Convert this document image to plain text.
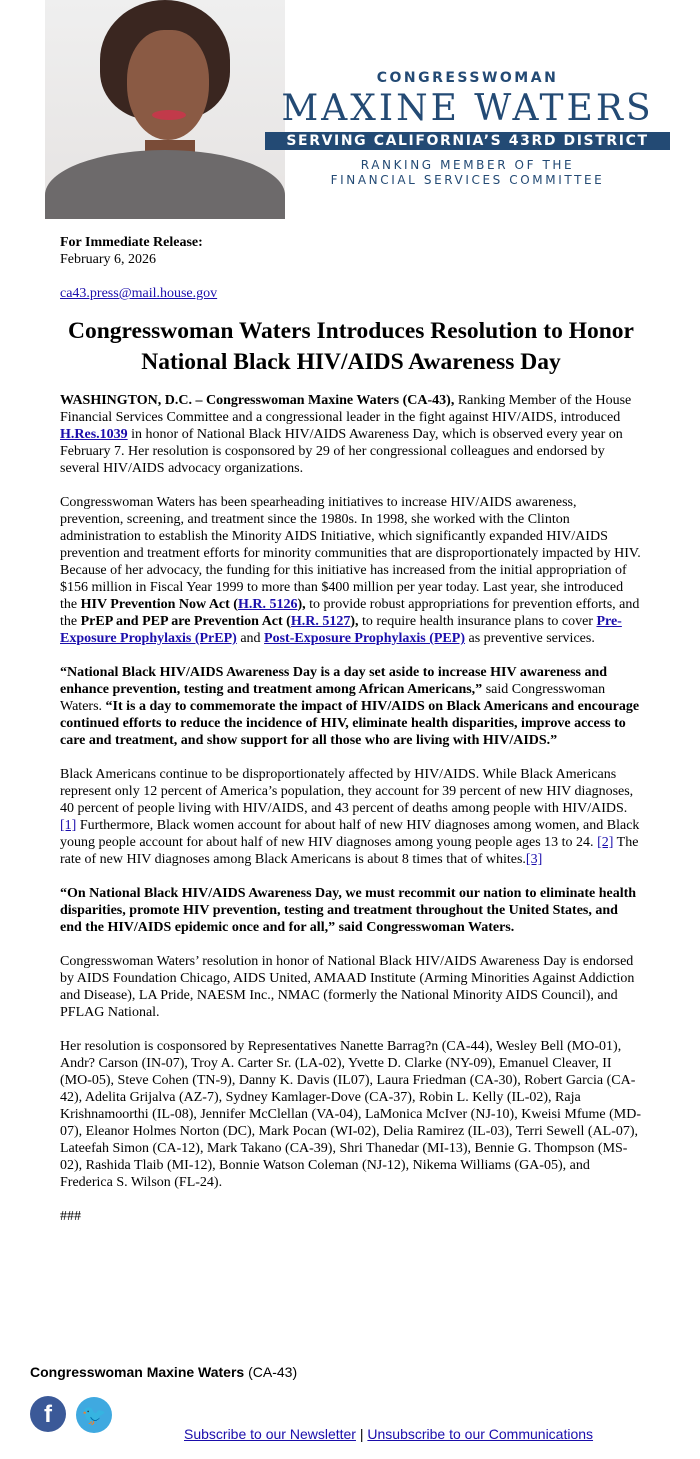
CONGRESSWOMAN
MAXINE WATERS
SERVING CALIFORNIA’S 43RD DISTRICT
RANKING MEMBER OF THE
FINANCIAL SERVICES COMMITTEE
For Immediate Release:
February 6, 2026
ca43.press@mail.house.gov
Congresswoman Waters Introduces Resolution to Honor National Black HIV/AIDS Awareness Day

WASHINGTON, D.C. – Congresswoman Maxine Waters (CA-43), Ranking Member of the House Financial Services Committee and a congressional leader in the fight against HIV/AIDS, introduced H.Res.1039 in honor of National Black HIV/AIDS Awareness Day, which is observed every year on February 7. Her resolution is cosponsored by 29 of her congressional colleagues and endorsed by several HIV/AIDS advocacy organizations.

Congresswoman Waters has been spearheading initiatives to increase HIV/AIDS awareness, prevention, screening, and treatment since the 1980s. In 1998, she worked with the Clinton administration to establish the Minority AIDS Initiative, which significantly expanded HIV/AIDS prevention and treatment efforts for minority communities that are disproportionately impacted by HIV. Because of her advocacy, the funding for this initiative has increased from the initial appropriation of $156 million in Fiscal Year 1999 to more than $400 million per year today. Last year, she introduced the HIV Prevention Now Act (H.R. 5126), to provide robust appropriations for prevention efforts, and the PrEP and PEP are Prevention Act (H.R. 5127), to require health insurance plans to cover Pre-Exposure Prophylaxis (PrEP) and Post-Exposure Prophylaxis (PEP) as preventive services.

“National Black HIV/AIDS Awareness Day is a day set aside to increase HIV awareness and enhance prevention, testing and treatment among African Americans,” said Congresswoman Waters. “It is a day to commemorate the impact of HIV/AIDS on Black Americans and encourage continued efforts to reduce the incidence of HIV, eliminate health disparities, improve access to care and treatment, and show support for all those who are living with HIV/AIDS.”

Black Americans continue to be disproportionately affected by HIV/AIDS. While Black Americans represent only 12 percent of America’s population, they account for 39 percent of new HIV diagnoses, 40 percent of people living with HIV/AIDS, and 43 percent of deaths among people with HIV/AIDS.[1] Furthermore, Black women account for about half of new HIV diagnoses among women, and Black young people account for about half of new HIV diagnoses among young people ages 13 to 24. [2] The rate of new HIV diagnoses among Black Americans is about 8 times that of whites.[3]

“On National Black HIV/AIDS Awareness Day, we must recommit our nation to eliminate health disparities, promote HIV prevention, testing and treatment throughout the United States, and end the HIV/AIDS epidemic once and for all,” said Congresswoman Waters.

Congresswoman Waters’ resolution in honor of National Black HIV/AIDS Awareness Day is endorsed by AIDS Foundation Chicago, AIDS United, AMAAD Institute (Arming Minorities Against Addiction and Disease), LA Pride, NAESM Inc., NMAC (formerly the National Minority AIDS Council), and PFLAG National.

Her resolution is cosponsored by Representatives Nanette Barrag?n (CA-44), Wesley Bell (MO-01), Andr? Carson (IN-07), Troy A. Carter Sr. (LA-02), Yvette D. Clarke (NY-09), Emanuel Cleaver, II (MO-05), Steve Cohen (TN-9), Danny K. Davis (IL07), Laura Friedman (CA-30), Robert Garcia (CA-42), Adelita Grijalva (AZ-7), Sydney Kamlager-Dove (CA-37), Robin L. Kelly (IL-02), Raja Krishnamoorthi (IL-08), Jennifer McClellan (VA-04), LaMonica McIver (NJ-10), Kweisi Mfume (MD-07), Eleanor Holmes Norton (DC), Mark Pocan (WI-02), Delia Ramirez (IL-03), Terri Sewell (AL-07), Lateefah Simon (CA-12), Mark Takano (CA-39), Shri Thanedar (MI-13), Bennie G. Thompson (MS-02), Rashida Tlaib (MI-12), Bonnie Watson Coleman (NJ-12), Nikema Williams (GA-05), and Frederica S. Wilson (FL-24).

###

Congresswoman Maxine Waters (CA-43)
f 🐦
Subscribe to our Newsletter | Unsubscribe to our Communications
